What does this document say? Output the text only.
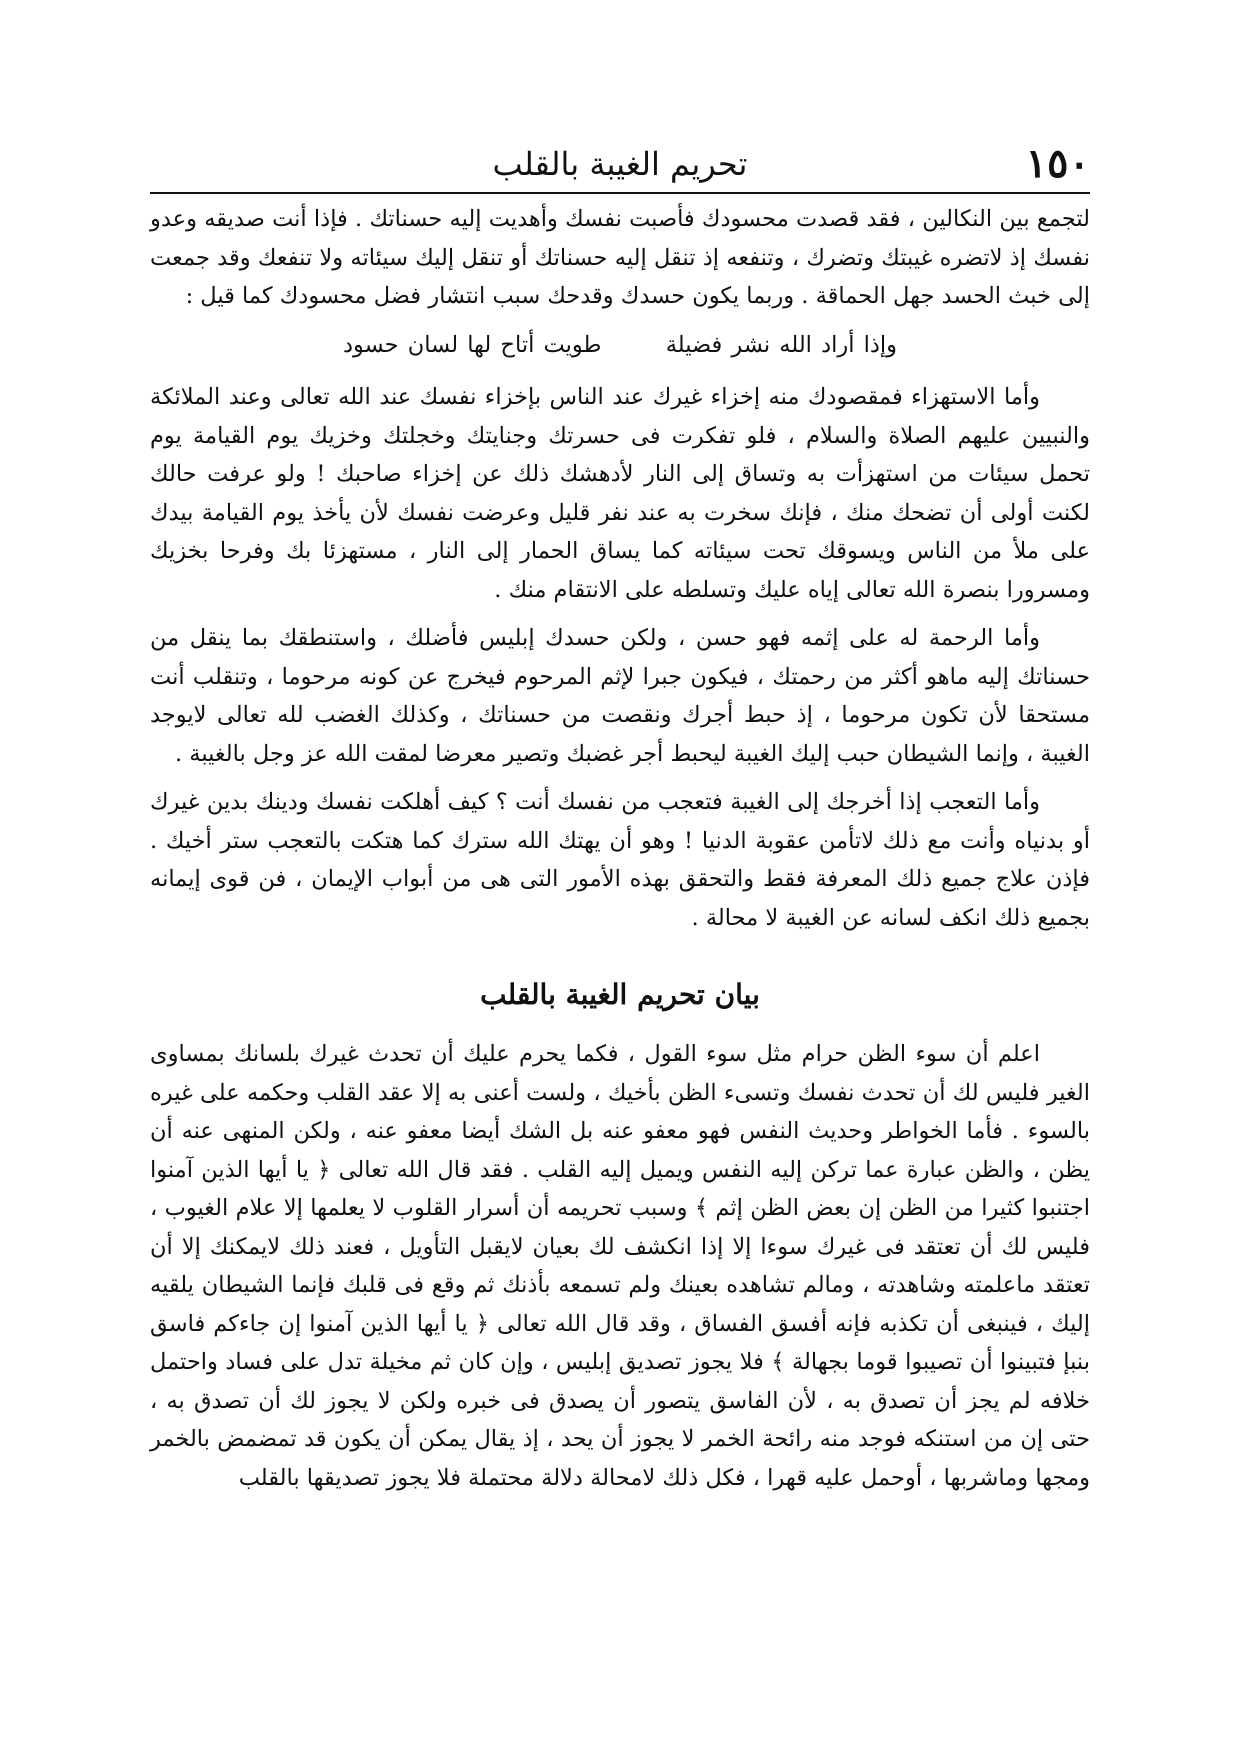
١٥٠
تحريم الغيبة بالقلب

لتجمع بين النكالين ، فقد قصدت محسودك فأصبت نفسك وأهديت إليه حسناتك . فإذا أنت صديقه وعدو نفسك إذ لاتضره غيبتك وتضرك ، وتنفعه إذ تنقل إليه حسناتك أو تنقل إليك سيئاته ولا تنفعك وقد جمعت إلى خبث الحسد جهل الحماقة . وربما يكون حسدك وقدحك سبب انتشار فضل محسودك كما قيل :

وإذا أراد الله نشر فضيلة  طويت أتاح لها لسان حسود

وأما الاستهزاء فمقصودك منه إخزاء غيرك عند الناس بإخزاء نفسك عند الله تعالى وعند الملائكة والنبيين عليهم الصلاة والسلام ، فلو تفكرت فى حسرتك وجنايتك وخجلتك وخزيك يوم القيامة يوم تحمل سيئات من استهزأت به وتساق إلى النار لأدهشك ذلك عن إخزاء صاحبك ! ولو عرفت حالك لكنت أولى أن تضحك منك ، فإنك سخرت به عند نفر قليل وعرضت نفسك لأن يأخذ يوم القيامة بيدك على ملأ من الناس ويسوقك تحت سيئاته كما يساق الحمار إلى النار ، مستهزئا بك وفرحا بخزيك ومسرورا بنصرة الله تعالى إياه عليك وتسلطه على الانتقام منك .

وأما الرحمة له على إثمه فهو حسن ، ولكن حسدك إبليس فأضلك ، واستنطقك بما ينقل من حسناتك إليه ماهو أكثر من رحمتك ، فيكون جبرا لإثم المرحوم فيخرج عن كونه مرحوما ، وتنقلب أنت مستحقا لأن تكون مرحوما ، إذ حبط أجرك ونقصت من حسناتك ، وكذلك الغضب لله تعالى لايوجد الغيبة ، وإنما الشيطان حبب إليك الغيبة ليحبط أجر غضبك وتصير معرضا لمقت الله عز وجل بالغيبة .

وأما التعجب إذا أخرجك إلى الغيبة فتعجب من نفسك أنت ؟ كيف أهلكت نفسك ودينك بدين غيرك أو بدنياه وأنت مع ذلك لاتأمن عقوبة الدنيا ! وهو أن يهتك الله سترك كما هتكت بالتعجب ستر أخيك . فإذن علاج جميع ذلك المعرفة فقط والتحقق بهذه الأمور التى هى من أبواب الإيمان ، فن قوى إيمانه بجميع ذلك انكف لسانه عن الغيبة لا محالة .

بيان تحريم الغيبة بالقلب

اعلم أن سوء الظن حرام مثل سوء القول ، فكما يحرم عليك أن تحدث غيرك بلسانك بمساوى الغير فليس لك أن تحدث نفسك وتسىء الظن بأخيك ، ولست أعنى به إلا عقد القلب وحكمه على غيره بالسوء . فأما الخواطر وحديث النفس فهو معفو عنه بل الشك أيضا معفو عنه ، ولكن المنهى عنه أن يظن ، والظن عبارة عما تركن إليه النفس ويميل إليه القلب . فقد قال الله تعالى ﴿ يا أيها الذين آمنوا اجتنبوا كثيرا من الظن إن بعض الظن إثم ﴾ وسبب تحريمه أن أسرار القلوب لا يعلمها إلا علام الغيوب ، فليس لك أن تعتقد فى غيرك سوءا إلا إذا انكشف لك بعيان لايقبل التأويل ، فعند ذلك لايمكنك إلا أن تعتقد ماعلمته وشاهدته ، ومالم تشاهده بعينك ولم تسمعه بأذنك ثم وقع فى قلبك فإنما الشيطان يلقيه إليك ، فينبغى أن تكذبه فإنه أفسق الفساق ، وقد قال الله تعالى ﴿ يا أيها الذين آمنوا إن جاءكم فاسق بنبإ فتبينوا أن تصيبوا قوما بجهالة ﴾ فلا يجوز تصديق إبليس ، وإن كان ثم مخيلة تدل على فساد واحتمل خلافه لم يجز أن تصدق به ، لأن الفاسق يتصور أن يصدق فى خبره ولكن لا يجوز لك أن تصدق به ، حتى إن من استنكه فوجد منه رائحة الخمر لا يجوز أن يحد ، إذ يقال يمكن أن يكون قد تمضمض بالخمر ومجها وماشربها ، أوحمل عليه قهرا ، فكل ذلك لامحالة دلالة محتملة فلا يجوز تصديقها بالقلب
